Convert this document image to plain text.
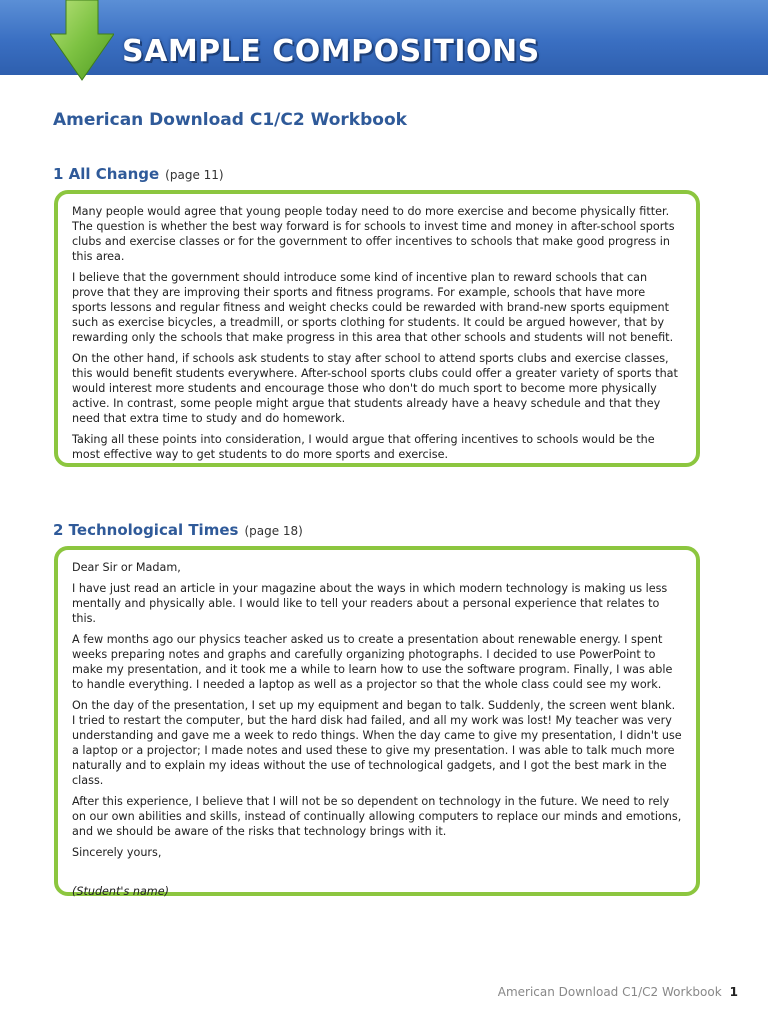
SAMPLE COMPOSITIONS
American Download C1/C2 Workbook
1 All Change (page 11)

Many people would agree that young people today need to do more exercise and become physically fitter. The question is whether the best way forward is for schools to invest time and money in after-school sports clubs and exercise classes or for the government to offer incentives to schools that make good progress in this area.

I believe that the government should introduce some kind of incentive plan to reward schools that can prove that they are improving their sports and fitness programs. For example, schools that have more sports lessons and regular fitness and weight checks could be rewarded with brand-new sports equipment such as exercise bicycles, a treadmill, or sports clothing for students. It could be argued however, that by rewarding only the schools that make progress in this area that other schools and students will not benefit.

On the other hand, if schools ask students to stay after school to attend sports clubs and exercise classes, this would benefit students everywhere. After-school sports clubs could offer a greater variety of sports that would interest more students and encourage those who don't do much sport to become more physically active. In contrast, some people might argue that students already have a heavy schedule and that they need that extra time to study and do homework.

Taking all these points into consideration, I would argue that offering incentives to schools would be the most effective way to get students to do more sports and exercise.

2 Technological Times (page 18)

Dear Sir or Madam,

I have just read an article in your magazine about the ways in which modern technology is making us less mentally and physically able. I would like to tell your readers about a personal experience that relates to this.

A few months ago our physics teacher asked us to create a presentation about renewable energy. I spent weeks preparing notes and graphs and carefully organizing photographs. I decided to use PowerPoint to make my presentation, and it took me a while to learn how to use the software program. Finally, I was able to handle everything. I needed a laptop as well as a projector so that the whole class could see my work.

On the day of the presentation, I set up my equipment and began to talk. Suddenly, the screen went blank. I tried to restart the computer, but the hard disk had failed, and all my work was lost! My teacher was very understanding and gave me a week to redo things. When the day came to give my presentation, I didn't use a laptop or a projector; I made notes and used these to give my presentation. I was able to talk much more naturally and to explain my ideas without the use of technological gadgets, and I got the best mark in the class.

After this experience, I believe that I will not be so dependent on technology in the future. We need to rely on our own abilities and skills, instead of continually allowing computers to replace our minds and emotions, and we should be aware of the risks that technology brings with it.

Sincerely yours,

(Student's name)

American Download C1/C2 Workbook 1
